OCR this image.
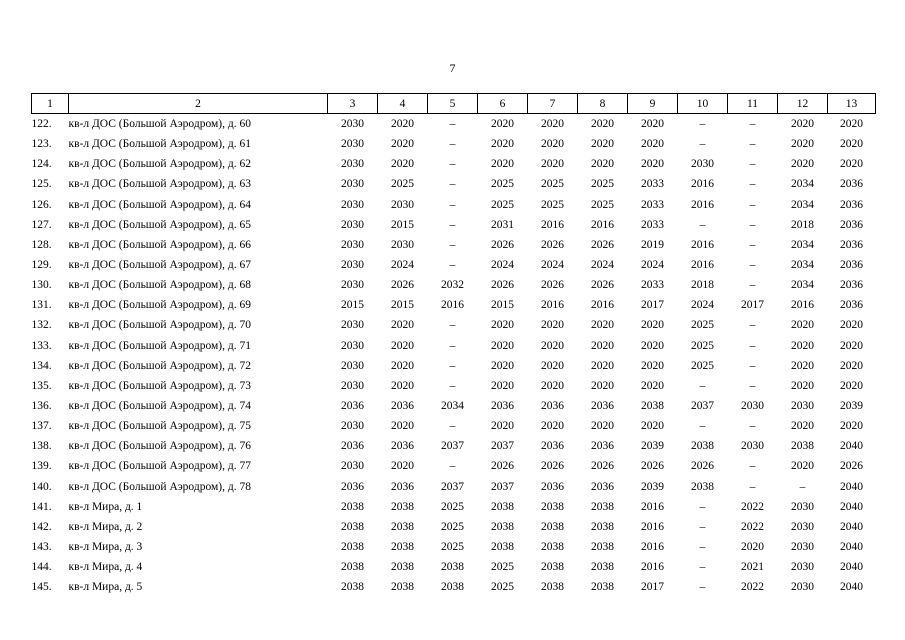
7
1	2	3	4	5	6	7	8	9	10	11	12	13
122.	кв-л ДОС (Большой Аэродром), д. 60	2030	2020	–	2020	2020	2020	2020	–	–	2020	2020
123.	кв-л ДОС (Большой Аэродром), д. 61	2030	2020	–	2020	2020	2020	2020	–	–	2020	2020
124.	кв-л ДОС (Большой Аэродром), д. 62	2030	2020	–	2020	2020	2020	2020	2030	–	2020	2020
125.	кв-л ДОС (Большой Аэродром), д. 63	2030	2025	–	2025	2025	2025	2033	2016	–	2034	2036
126.	кв-л ДОС (Большой Аэродром), д. 64	2030	2030	–	2025	2025	2025	2033	2016	–	2034	2036
127.	кв-л ДОС (Большой Аэродром), д. 65	2030	2015	–	2031	2016	2016	2033	–	–	2018	2036
128.	кв-л ДОС (Большой Аэродром), д. 66	2030	2030	–	2026	2026	2026	2019	2016	–	2034	2036
129.	кв-л ДОС (Большой Аэродром), д. 67	2030	2024	–	2024	2024	2024	2024	2016	–	2034	2036
130.	кв-л ДОС (Большой Аэродром), д. 68	2030	2026	2032	2026	2026	2026	2033	2018	–	2034	2036
131.	кв-л ДОС (Большой Аэродром), д. 69	2015	2015	2016	2015	2016	2016	2017	2024	2017	2016	2036
132.	кв-л ДОС (Большой Аэродром), д. 70	2030	2020	–	2020	2020	2020	2020	2025	–	2020	2020
133.	кв-л ДОС (Большой Аэродром), д. 71	2030	2020	–	2020	2020	2020	2020	2025	–	2020	2020
134.	кв-л ДОС (Большой Аэродром), д. 72	2030	2020	–	2020	2020	2020	2020	2025	–	2020	2020
135.	кв-л ДОС (Большой Аэродром), д. 73	2030	2020	–	2020	2020	2020	2020	–	–	2020	2020
136.	кв-л ДОС (Большой Аэродром), д. 74	2036	2036	2034	2036	2036	2036	2038	2037	2030	2030	2039
137.	кв-л ДОС (Большой Аэродром), д. 75	2030	2020	–	2020	2020	2020	2020	–	–	2020	2020
138.	кв-л ДОС (Большой Аэродром), д. 76	2036	2036	2037	2037	2036	2036	2039	2038	2030	2038	2040
139.	кв-л ДОС (Большой Аэродром), д. 77	2030	2020	–	2026	2026	2026	2026	2026	–	2020	2026
140.	кв-л ДОС (Большой Аэродром), д. 78	2036	2036	2037	2037	2036	2036	2039	2038	–	–	2040
141.	кв-л Мира, д. 1	2038	2038	2025	2038	2038	2038	2016	–	2022	2030	2040
142.	кв-л Мира, д. 2	2038	2038	2025	2038	2038	2038	2016	–	2022	2030	2040
143.	кв-л Мира, д. 3	2038	2038	2025	2038	2038	2038	2016	–	2020	2030	2040
144.	кв-л Мира, д. 4	2038	2038	2038	2025	2038	2038	2016	–	2021	2030	2040
145.	кв-л Мира, д. 5	2038	2038	2038	2025	2038	2038	2017	–	2022	2030	2040
